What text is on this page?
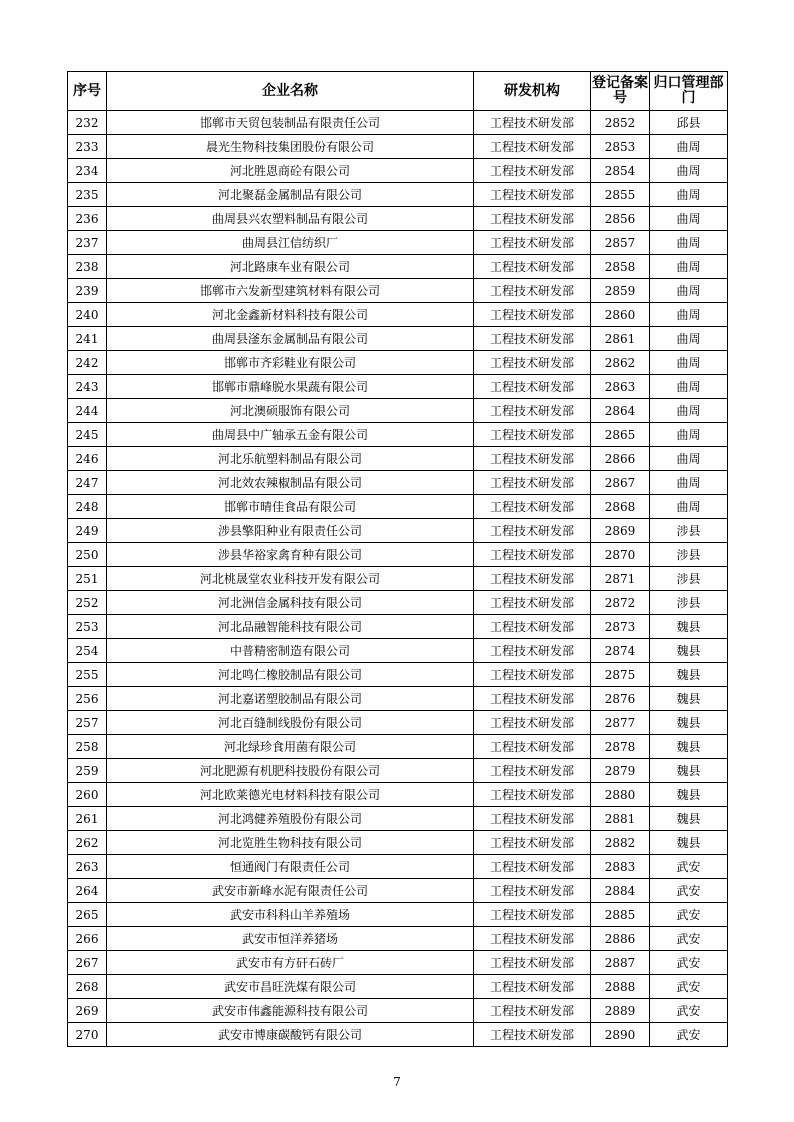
序号	企业名称	研发机构	登记备案号	归口管理部门
232	邯郸市天贸包装制品有限责任公司	工程技术研发部	2852	邱县
233	晨光生物科技集团股份有限公司	工程技术研发部	2853	曲周
234	河北胜恩商砼有限公司	工程技术研发部	2854	曲周
235	河北聚磊金属制品有限公司	工程技术研发部	2855	曲周
236	曲周县兴农塑料制品有限公司	工程技术研发部	2856	曲周
237	曲周县江信纺织厂	工程技术研发部	2857	曲周
238	河北路康车业有限公司	工程技术研发部	2858	曲周
239	邯郸市六发新型建筑材料有限公司	工程技术研发部	2859	曲周
240	河北金鑫新材料科技有限公司	工程技术研发部	2860	曲周
241	曲周县滏东金属制品有限公司	工程技术研发部	2861	曲周
242	邯郸市齐彩鞋业有限公司	工程技术研发部	2862	曲周
243	邯郸市鼎峰脱水果蔬有限公司	工程技术研发部	2863	曲周
244	河北澳硕服饰有限公司	工程技术研发部	2864	曲周
245	曲周县中广轴承五金有限公司	工程技术研发部	2865	曲周
246	河北乐航塑料制品有限公司	工程技术研发部	2866	曲周
247	河北效农辣椒制品有限公司	工程技术研发部	2867	曲周
248	邯郸市晴佳食品有限公司	工程技术研发部	2868	曲周
249	涉县擎阳种业有限责任公司	工程技术研发部	2869	涉县
250	涉县华裕家禽育种有限公司	工程技术研发部	2870	涉县
251	河北桃晟堂农业科技开发有限公司	工程技术研发部	2871	涉县
252	河北洲信金属科技有限公司	工程技术研发部	2872	涉县
253	河北品融智能科技有限公司	工程技术研发部	2873	魏县
254	中普精密制造有限公司	工程技术研发部	2874	魏县
255	河北鸣仁橡胶制品有限公司	工程技术研发部	2875	魏县
256	河北嘉诺塑胶制品有限公司	工程技术研发部	2876	魏县
257	河北百缝制线股份有限公司	工程技术研发部	2877	魏县
258	河北绿珍食用菌有限公司	工程技术研发部	2878	魏县
259	河北肥源有机肥科技股份有限公司	工程技术研发部	2879	魏县
260	河北欧莱德光电材料科技有限公司	工程技术研发部	2880	魏县
261	河北鸿健养殖股份有限公司	工程技术研发部	2881	魏县
262	河北览胜生物科技有限公司	工程技术研发部	2882	魏县
263	恒通阀门有限责任公司	工程技术研发部	2883	武安
264	武安市新峰水泥有限责任公司	工程技术研发部	2884	武安
265	武安市科科山羊养殖场	工程技术研发部	2885	武安
266	武安市恒洋养猪场	工程技术研发部	2886	武安
267	武安市有方矸石砖厂	工程技术研发部	2887	武安
268	武安市昌旺洗煤有限公司	工程技术研发部	2888	武安
269	武安市伟鑫能源科技有限公司	工程技术研发部	2889	武安
270	武安市博康碳酸钙有限公司	工程技术研发部	2890	武安
7
